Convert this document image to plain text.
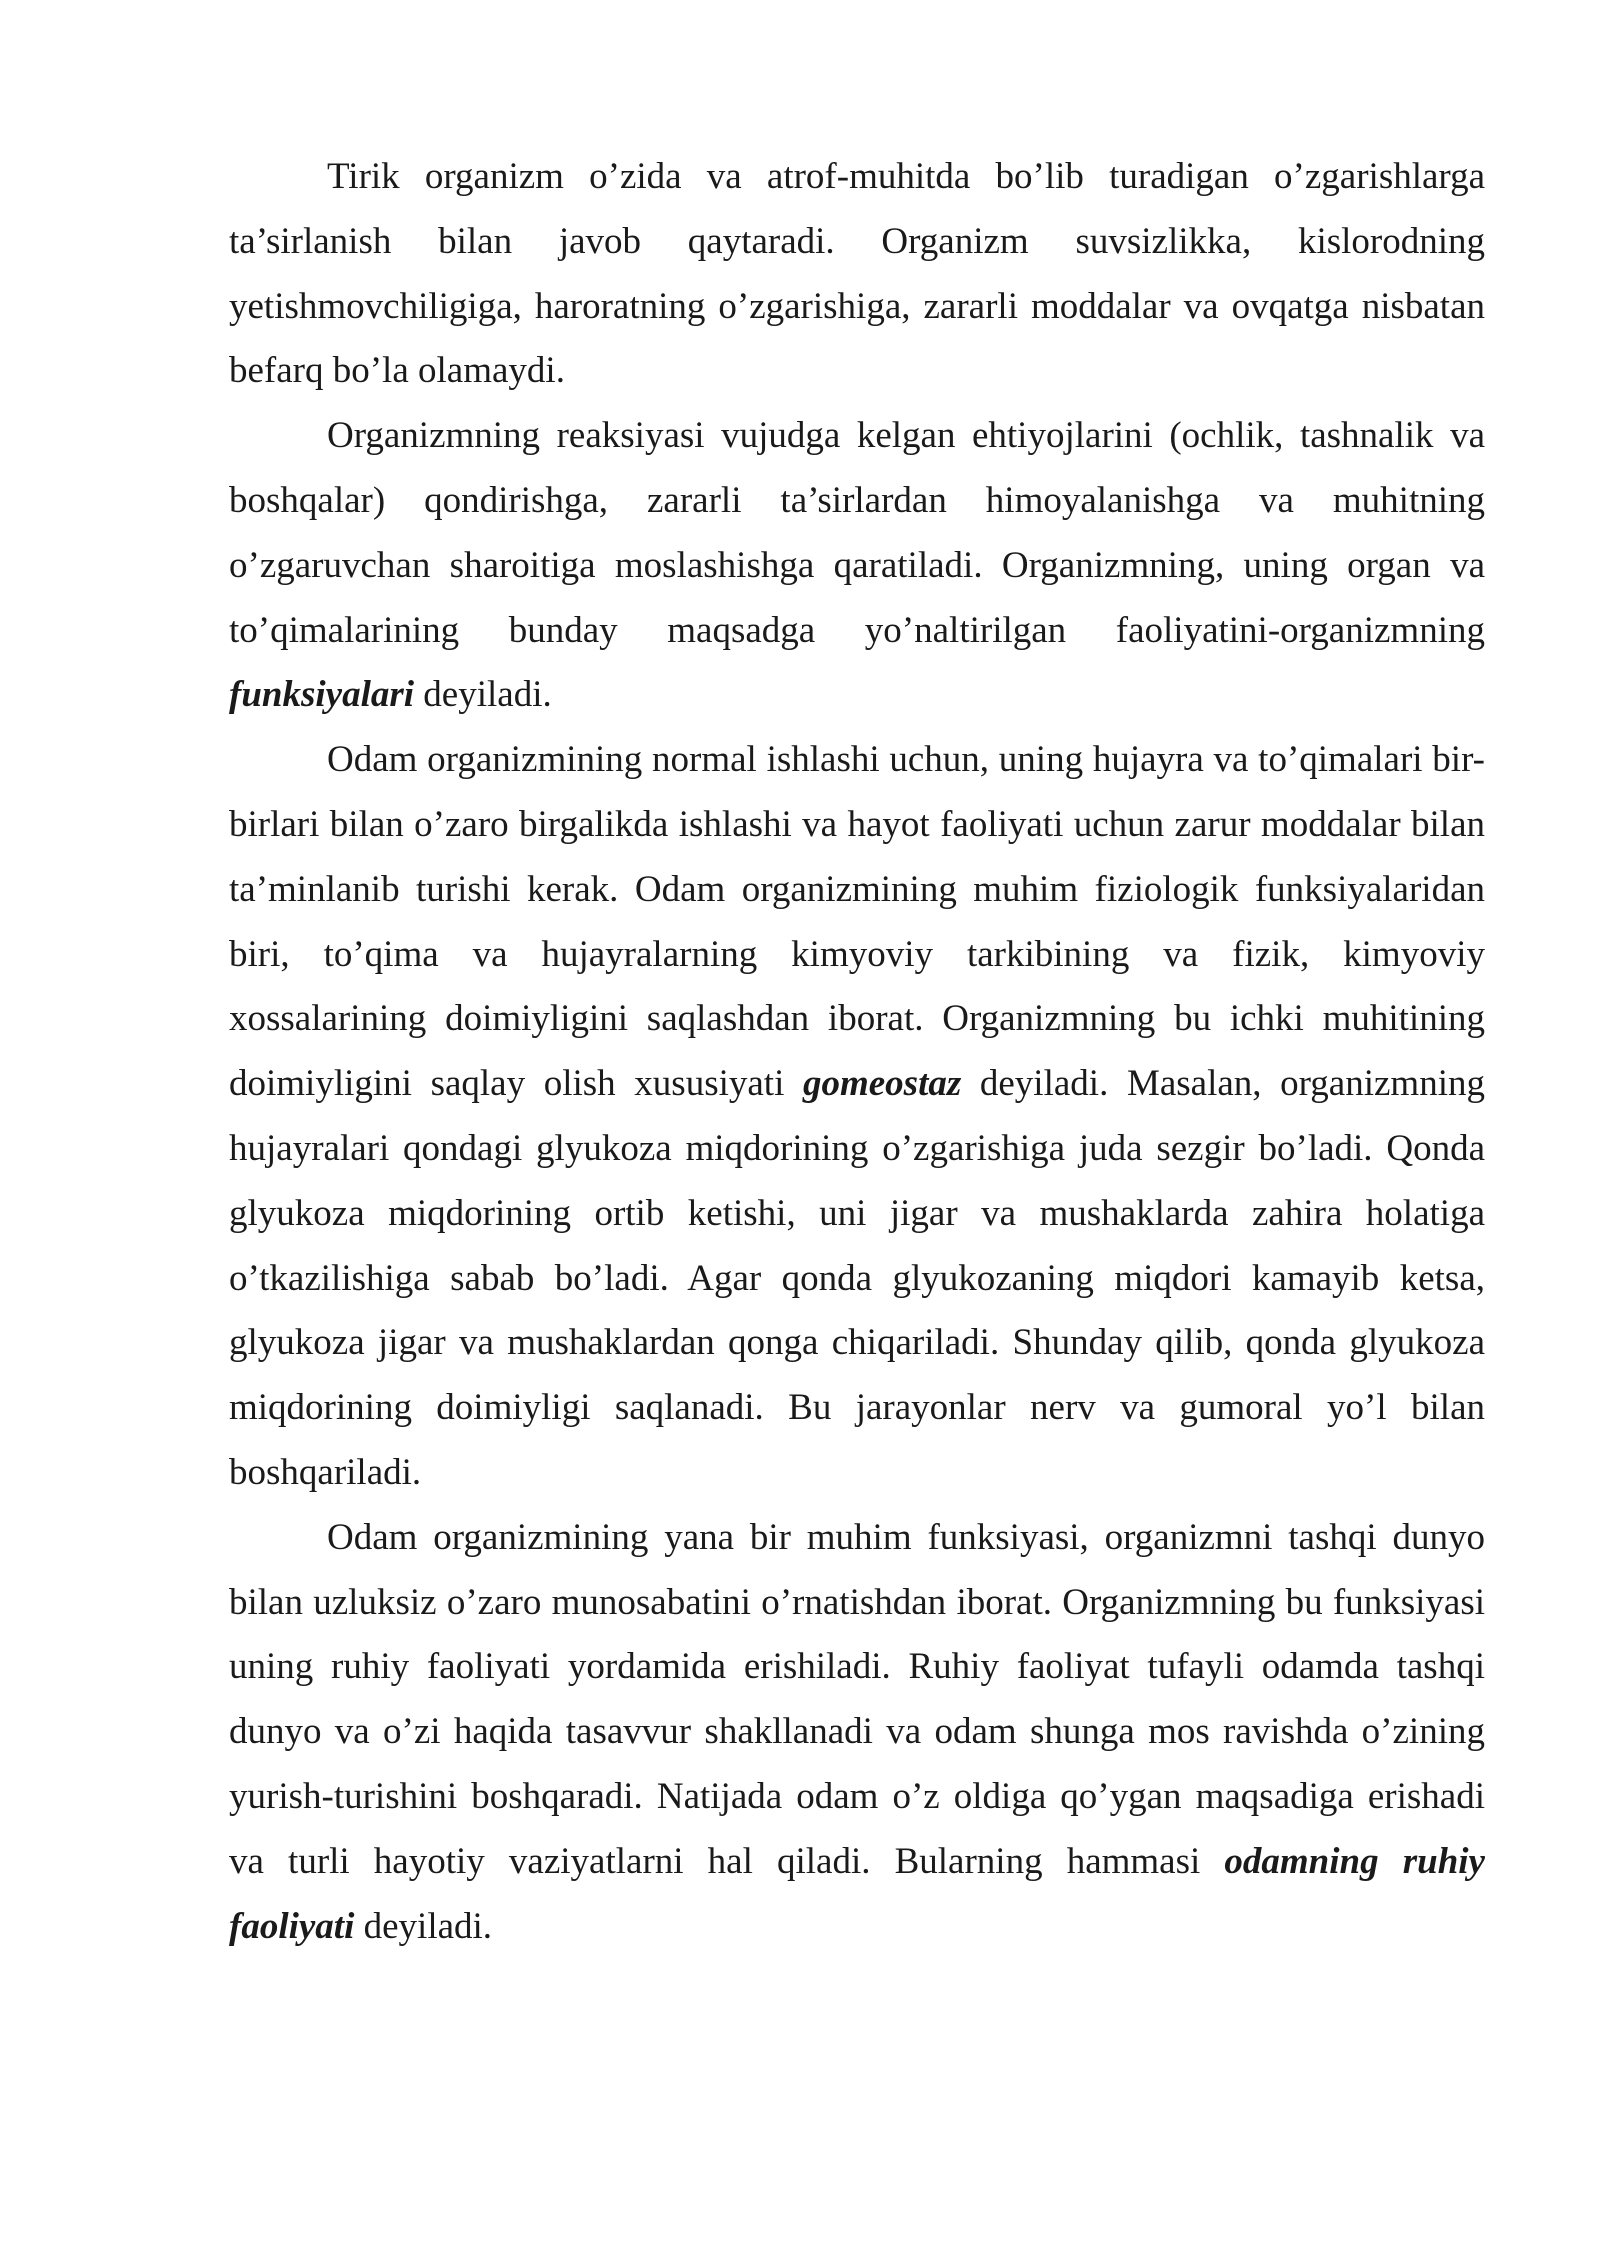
Tirik organizm o’zida va atrof-muhitda bo’lib turadigan o’zgarishlarga ta’sirlanish bilan javob qaytaradi. Organizm suvsizlikka, kislorodning yetishmovchiligiga, haroratning o’zgarishiga, zararli moddalar va ovqatga nisbatan befarq bo’la olamaydi.

Organizmning reaksiyasi vujudga kelgan ehtiyojlarini (ochlik, tashnalik va boshqalar) qondirishga, zararli ta’sirlardan himoyalanishga va muhitning o’zgaruvchan sharoitiga moslashishga qaratiladi. Organizmning, uning organ va to’qimalarining bunday maqsadga yo’naltirilgan faoliyatini-organizmning funksiyalari deyiladi.

Odam organizmining normal ishlashi uchun, uning hujayra va to’qimalari bir-birlari bilan o’zaro birgalikda ishlashi va hayot faoliyati uchun zarur moddalar bilan ta’minlanib turishi kerak. Odam organizmining muhim fiziologik funksiyalaridan biri, to’qima va hujayralarning kimyoviy tarkibining va fizik, kimyoviy xossalarining doimiyligini saqlashdan iborat. Organizmning bu ichki muhitining doimiyligini saqlay olish xususiyati gomeostaz deyiladi. Masalan, organizmning hujayralari qondagi glyukoza miqdorining o’zgarishiga juda sezgir bo’ladi. Qonda glyukoza miqdorining ortib ketishi, uni jigar va mushaklarda zahira holatiga o’tkazilishiga sabab bo’ladi. Agar qonda glyukozaning miqdori kamayib ketsa, glyukoza jigar va mushaklardan qonga chiqariladi. Shunday qilib, qonda glyukoza miqdorining doimiyligi saqlanadi. Bu jarayonlar nerv va gumoral yo’l bilan boshqariladi.

Odam organizmining yana bir muhim funksiyasi, organizmni tashqi dunyo bilan uzluksiz o’zaro munosabatini o’rnatishdan iborat. Organizmning bu funksiyasi uning ruhiy faoliyati yordamida erishiladi. Ruhiy faoliyat tufayli odamda tashqi dunyo va o’zi haqida tasavvur shakllanadi va odam shunga mos ravishda o’zining yurish-turishini boshqaradi. Natijada odam o’z oldiga qo’ygan maqsadiga erishadi va turli hayotiy vaziyatlarni hal qiladi. Bularning hammasi odamning ruhiy faoliyati deyiladi.
